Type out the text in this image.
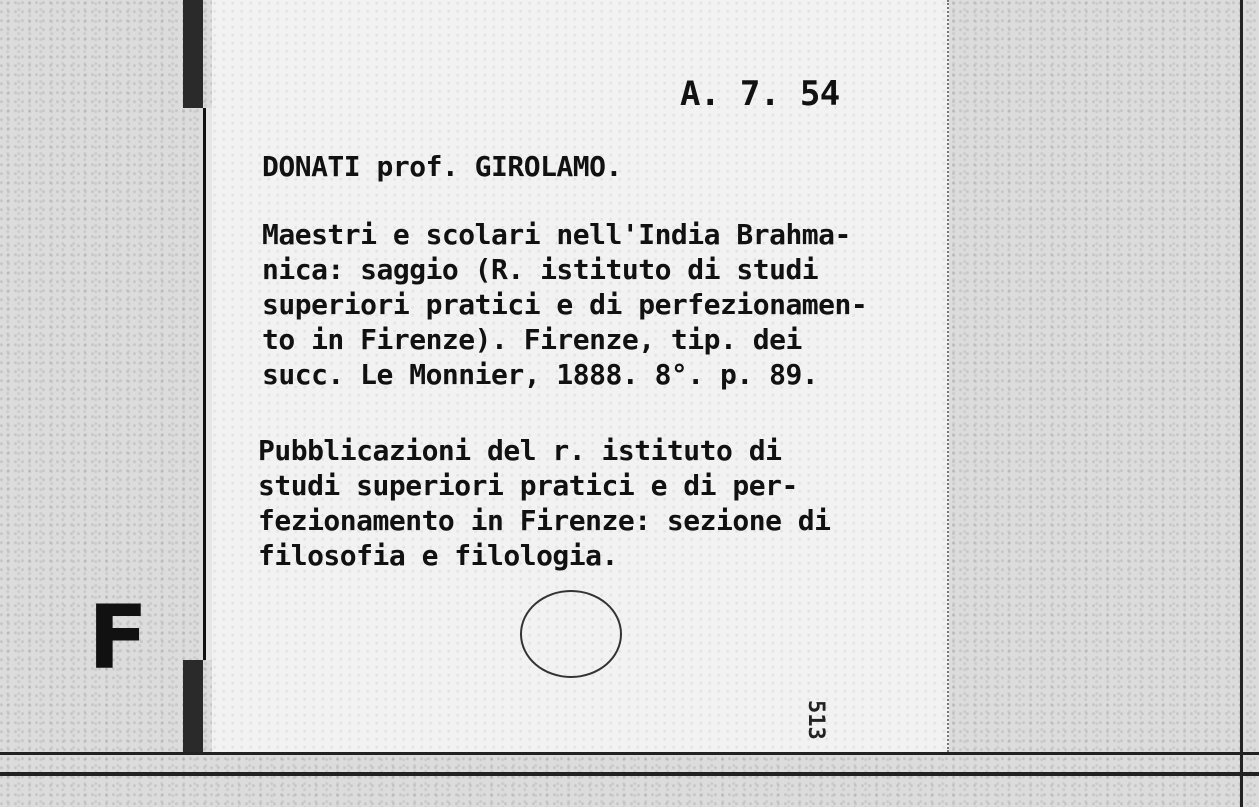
A. 7. 54

DONATI prof. GIROLAMO.

Maestri e scolari nell'India Brahma-
nica: saggio (R. istituto di studi
superiori pratici e di perfezionamen-
to in Firenze). Firenze, tip. dei
succ. Le Monnier, 1888. 8°. p. 89.
Pubblicazioni del r. istituto di
studi superiori pratici e di per-
fezionamento in Firenze: sezione di
filosofia e filologia.

F

513
